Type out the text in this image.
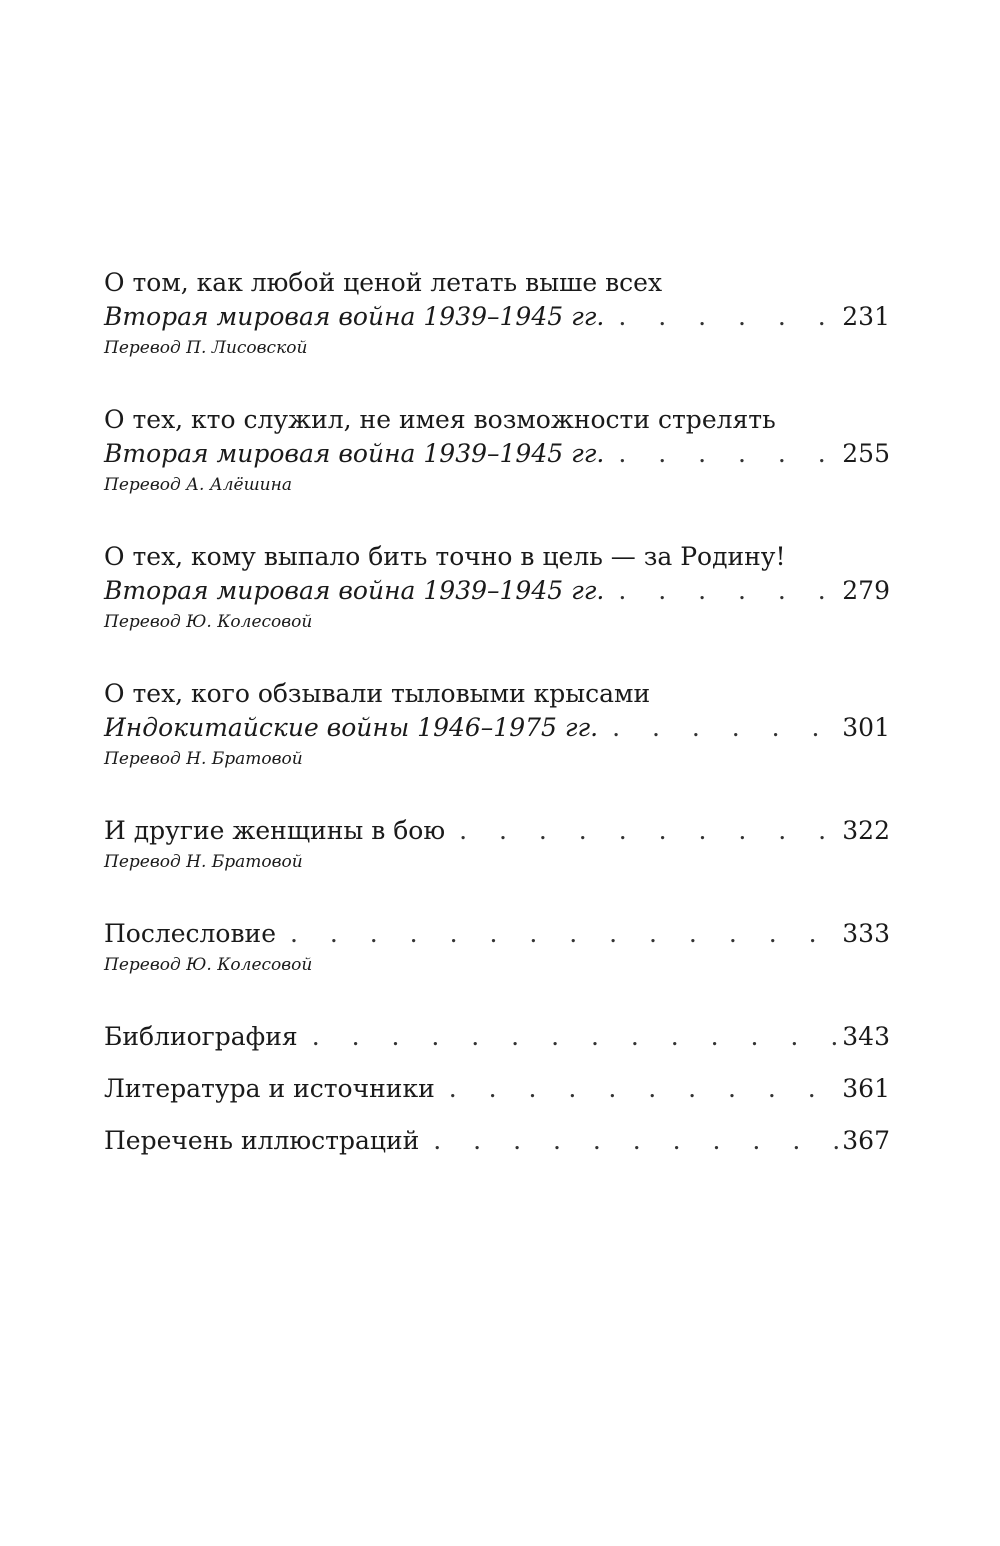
О том, как любой ценой летать выше всех
Вторая мировая война 1939–1945 гг. . . .	231
Перевод П. Лисовской
О тех, кто служил, не имея возможности стрелять
Вторая мировая война 1939–1945 гг. . . .	255
Перевод А. Алёшина
О тех, кому выпало бить точно в цель — за Родину!
Вторая мировая война 1939–1945 гг. . . .	279
Перевод Ю. Колесовой
О тех, кого обзывали тыловыми крысами
Индокитайские войны 1946–1975 гг. . . .	301
Перевод Н. Братовой
И другие женщины в бою . . .	322
Перевод Н. Братовой
Послесловие . . .	333
Перевод Ю. Колесовой
Библиография . . .	343
Литература и источники . . .	361
Перечень иллюстраций . . .	367
